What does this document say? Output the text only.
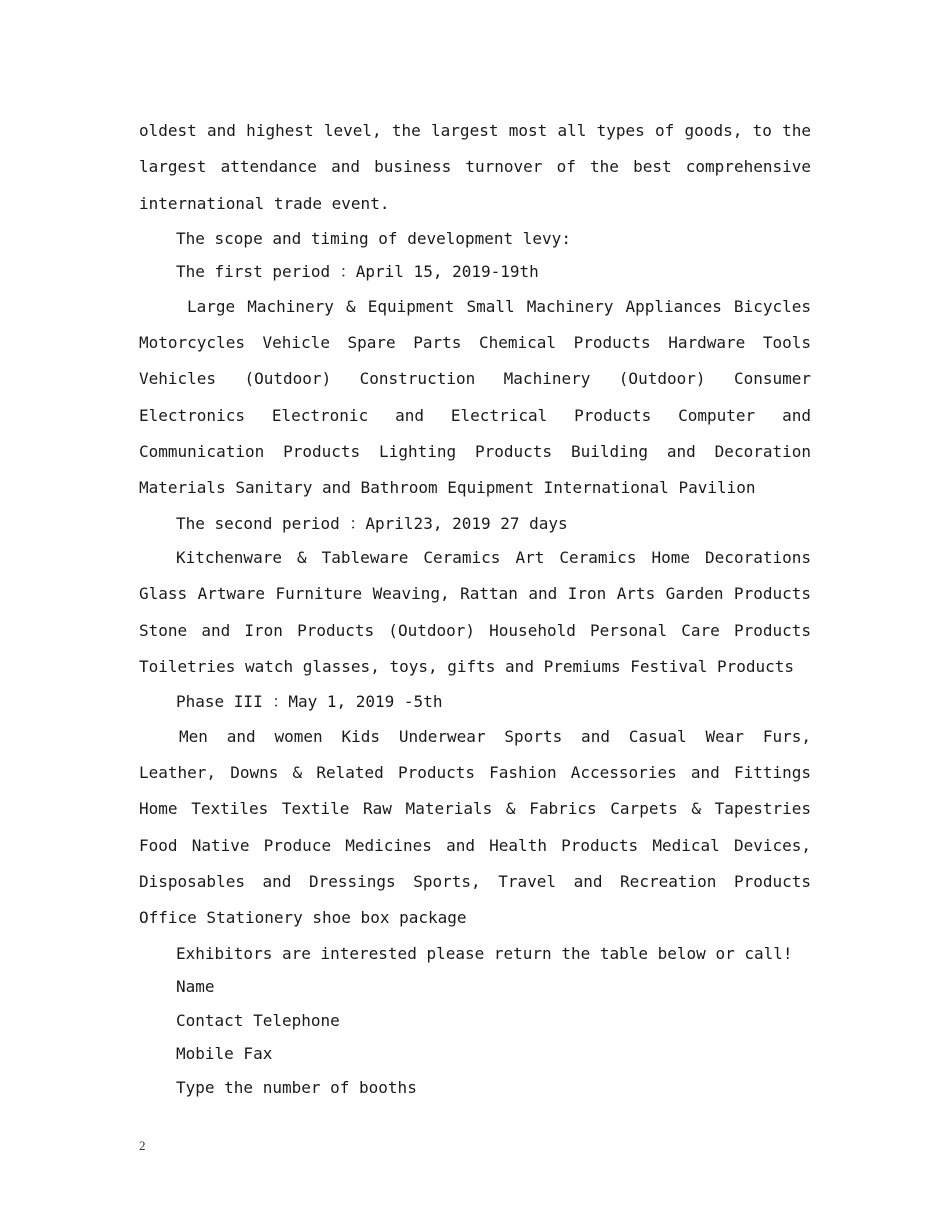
oldest and highest level, the largest most all types of goods, to the largest attendance and business turnover of the best comprehensive international trade event.

The scope and timing of development levy:

The first period ：April 15, 2019-19th

Large Machinery & Equipment Small Machinery Appliances Bicycles Motorcycles Vehicle Spare Parts Chemical Products Hardware Tools Vehicles (Outdoor) Construction Machinery (Outdoor) Consumer Electronics Electronic and Electrical Products Computer and Communication Products Lighting Products Building and Decoration Materials Sanitary and Bathroom Equipment International Pavilion

The second period ：April23, 2019 27 days

Kitchenware & Tableware Ceramics Art Ceramics Home Decorations Glass Artware Furniture Weaving, Rattan and Iron Arts Garden Products Stone and Iron Products (Outdoor) Household Personal Care Products Toiletries watch glasses, toys, gifts and Premiums Festival Products

Phase III ：May 1, 2019 -5th

Men and women Kids Underwear Sports and Casual Wear Furs, Leather, Downs & Related Products Fashion Accessories and Fittings Home Textiles Textile Raw Materials & Fabrics Carpets & Tapestries Food Native Produce Medicines and Health Products Medical Devices, Disposables and Dressings Sports, Travel and Recreation Products Office Stationery shoe box package

Exhibitors are interested please return the table below or call!

Name

Contact Telephone

Mobile Fax

Type the number of booths

2
